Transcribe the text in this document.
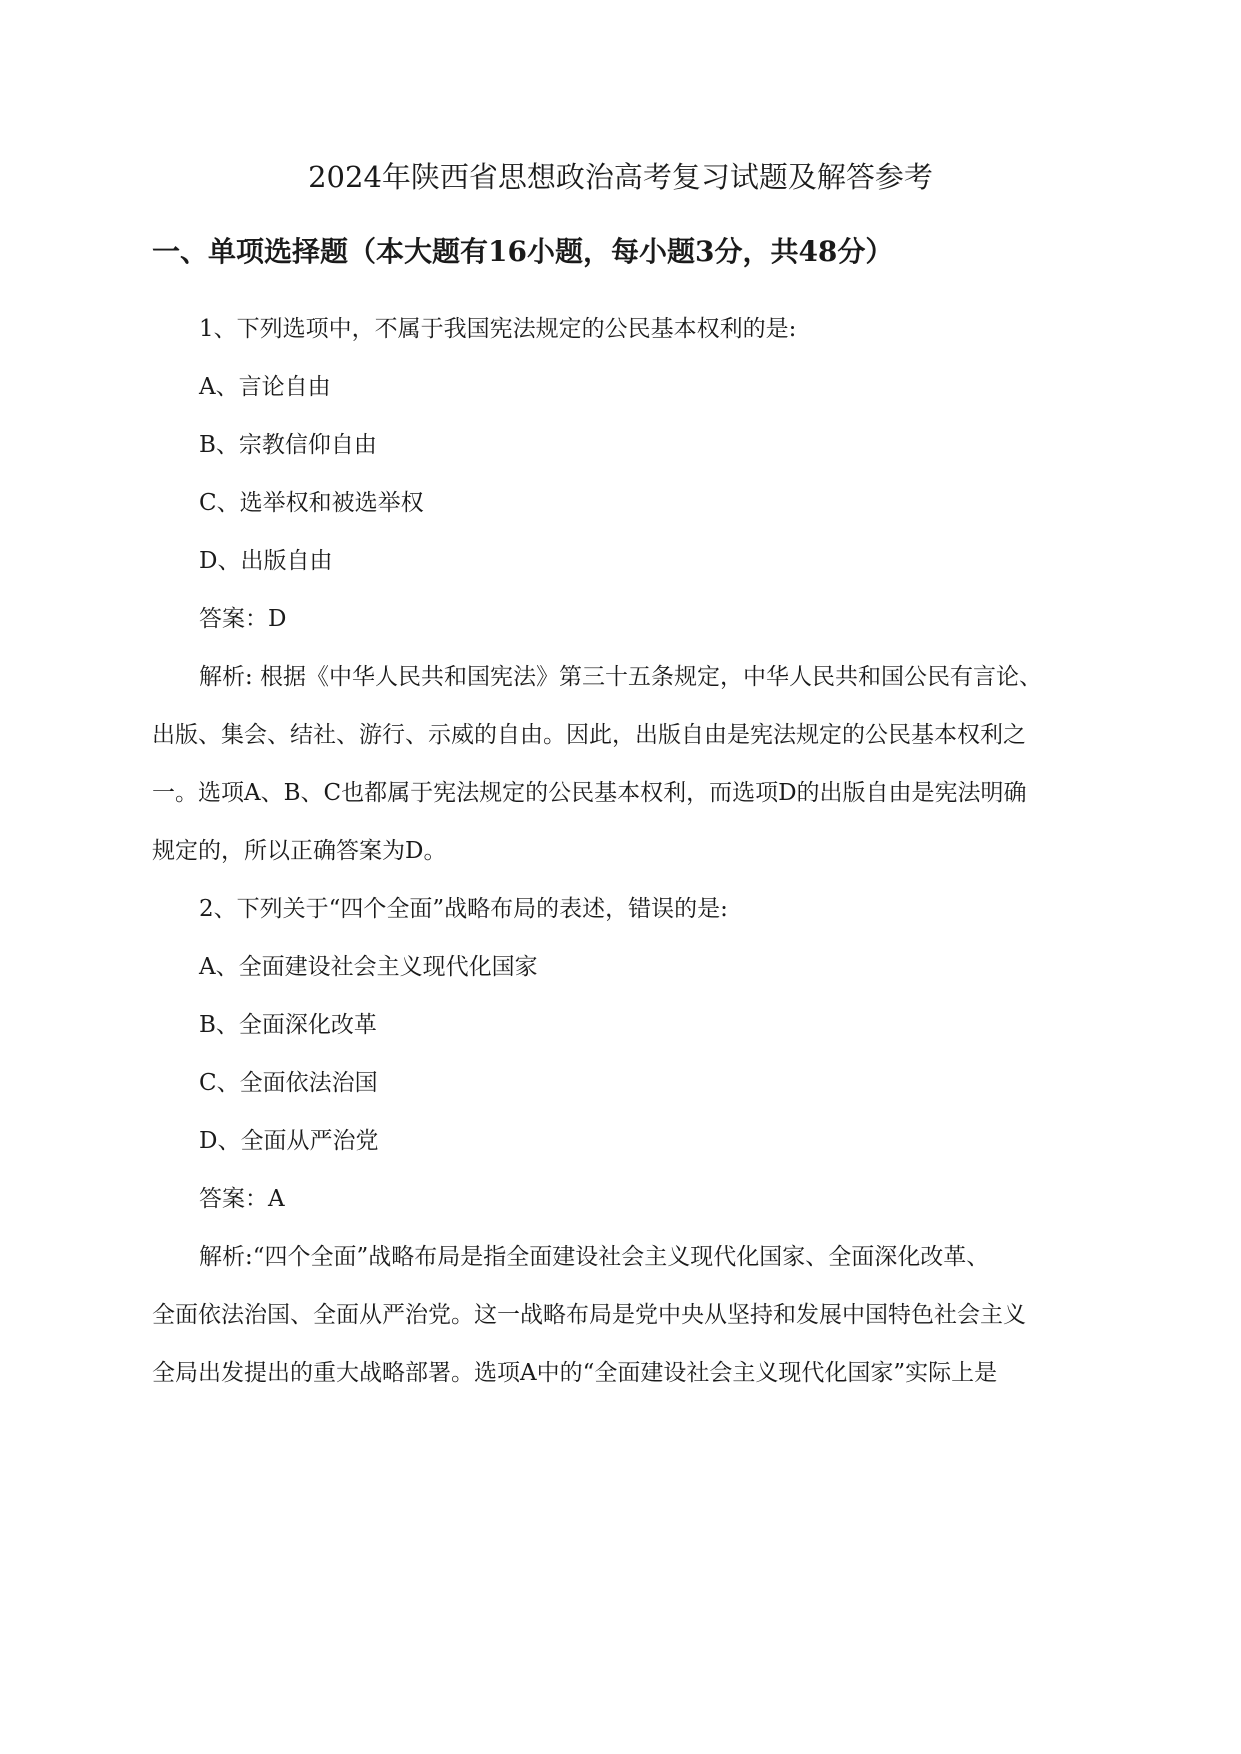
2024年陕西省思想政治高考复习试题及解答参考
一、单项选择题（本大题有16小题，每小题3分，共48分）

1、下列选项中，不属于我国宪法规定的公民基本权利的是:

A、言论自由

B、宗教信仰自由

C、选举权和被选举权

D、出版自由

答案：D

解析: 根据《中华人民共和国宪法》第三十五条规定，中华人民共和国公民有言论、

出版、集会、结社、游行、示威的自由。因此，出版自由是宪法规定的公民基本权利之

一。选项A、B、C也都属于宪法规定的公民基本权利，而选项D的出版自由是宪法明确

规定的，所以正确答案为D。

2、下列关于“四个全面”战略布局的表述，错误的是:

A、全面建设社会主义现代化国家

B、全面深化改革

C、全面依法治国

D、全面从严治党

答案：A

解析:“四个全面”战略布局是指全面建设社会主义现代化国家、全面深化改革、

全面依法治国、全面从严治党。这一战略布局是党中央从坚持和发展中国特色社会主义

全局出发提出的重大战略部署。选项A中的“全面建设社会主义现代化国家”实际上是
